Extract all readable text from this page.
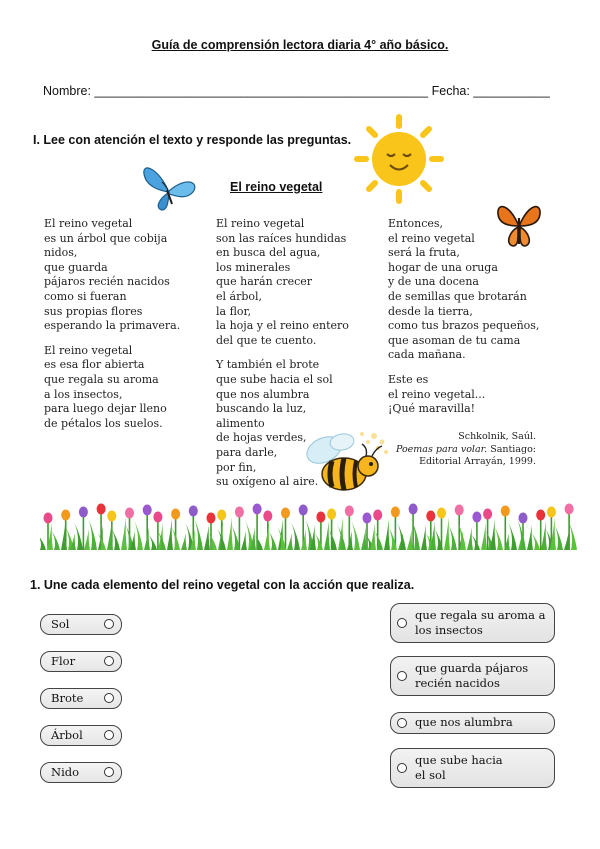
Guía de comprensión lectora diaria 4° año básico.
Nombre: ________________________________________________ Fecha: ___________
I. Lee con atención el texto y responde las preguntas.
El reino vegetal
El reino vegetal
es un árbol que cobija
nidos,
que guarda
pájaros recién nacidos
como si fueran
sus propias flores
esperando la primavera.
El reino vegetal
es esa flor abierta
que regala su aroma
a los insectos,
para luego dejar lleno
de pétalos los suelos.
El reino vegetal
son las raíces hundidas
en busca del agua,
los minerales
que harán crecer
el árbol,
la flor,
la hoja y el reino entero
del que te cuento.
Y también el brote
que sube hacia el sol
que nos alumbra
buscando la luz,
alimento
de hojas verdes,
para darle,
por fin,
su oxígeno al aire.
Entonces,
el reino vegetal
será la fruta,
hogar de una oruga
y de una docena
de semillas que brotarán
desde la tierra,
como tus brazos pequeños,
que asoman de tu cama
cada mañana.
Este es
el reino vegetal...
¡Qué maravilla!
Schkolnik, Saúl.
Poemas para volar. Santiago:
Editorial Arrayán, 1999.
1. Une cada elemento del reino vegetal con la acción que realiza.
Sol
Flor
Brote
Árbol
Nido
que regala su aroma a
los insectos
que guarda pájaros
recién nacidos
que nos alumbra
que sube hacia
el sol
